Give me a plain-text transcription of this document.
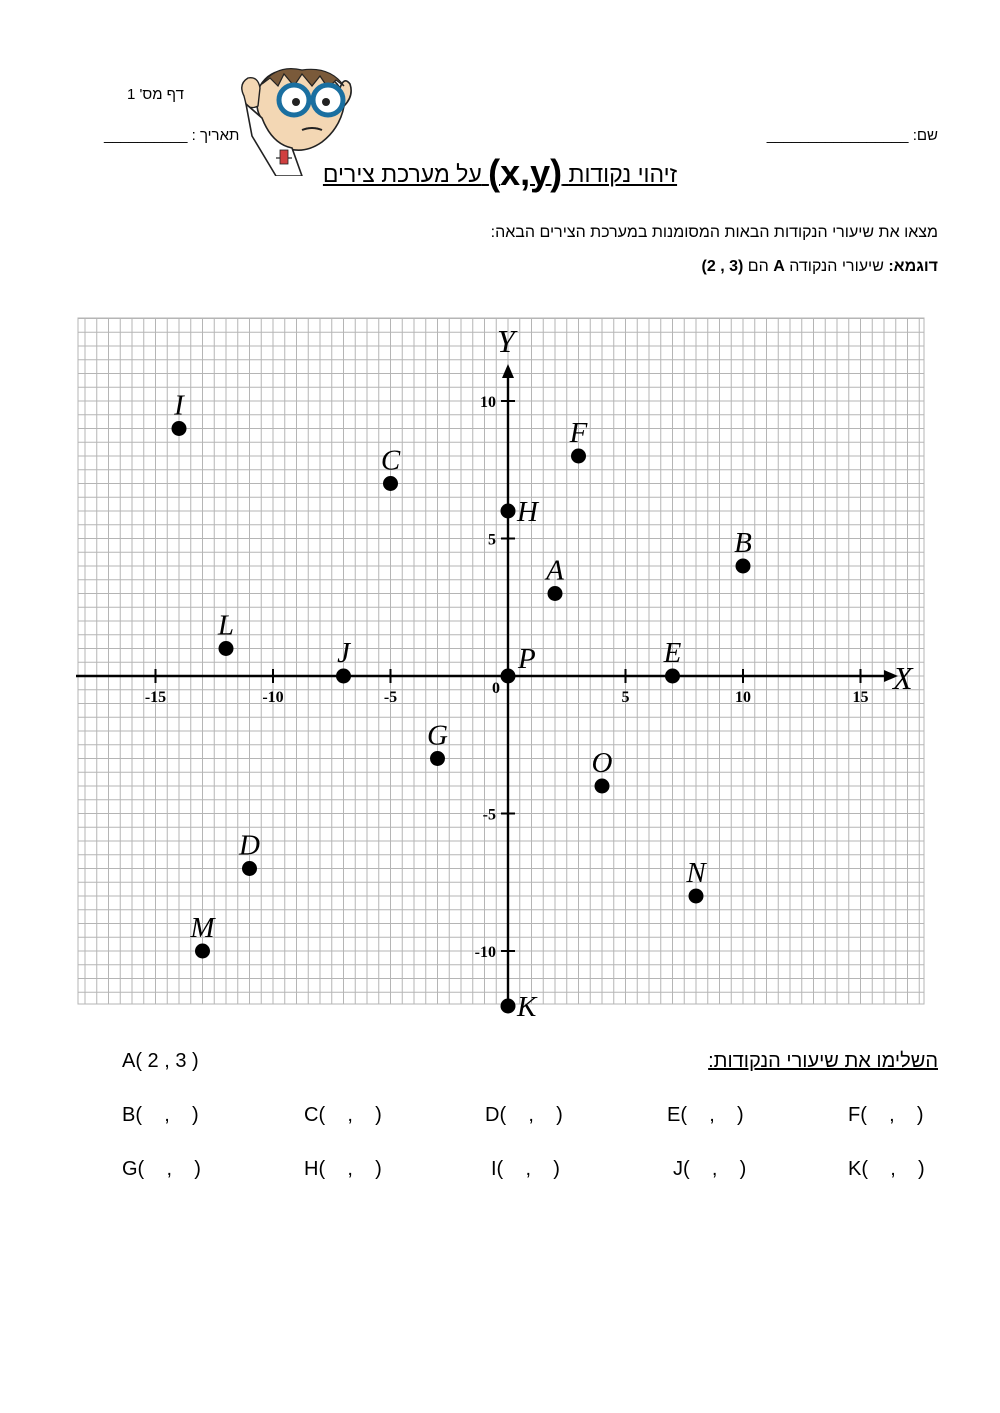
דף מס' 1
שם: _________________
תאריך : __________
זיהוי נקודות (x,y) על מערכת צירים
מצאו את שיעורי הנקודות הבאות המסומנות במערכת הצירים הבאה:
דוגמא: שיעורי הנקודה A הם (2 , 3)
X
Y
0
-15	-10	-5	5	10	15
10
5
-5
-10
A
B
C
D
E
F
G
H
I
J
K
L
M
N
O
P
השלימו את שיעורי הנקודות:
A( 2 , 3 )
B(    ,    )	C(    ,    )	D(    ,    )	E(    ,    )	F(    ,    )
G(    ,    )	H(    ,    )	I(    ,    )	J(    ,    )	K(    ,    )
